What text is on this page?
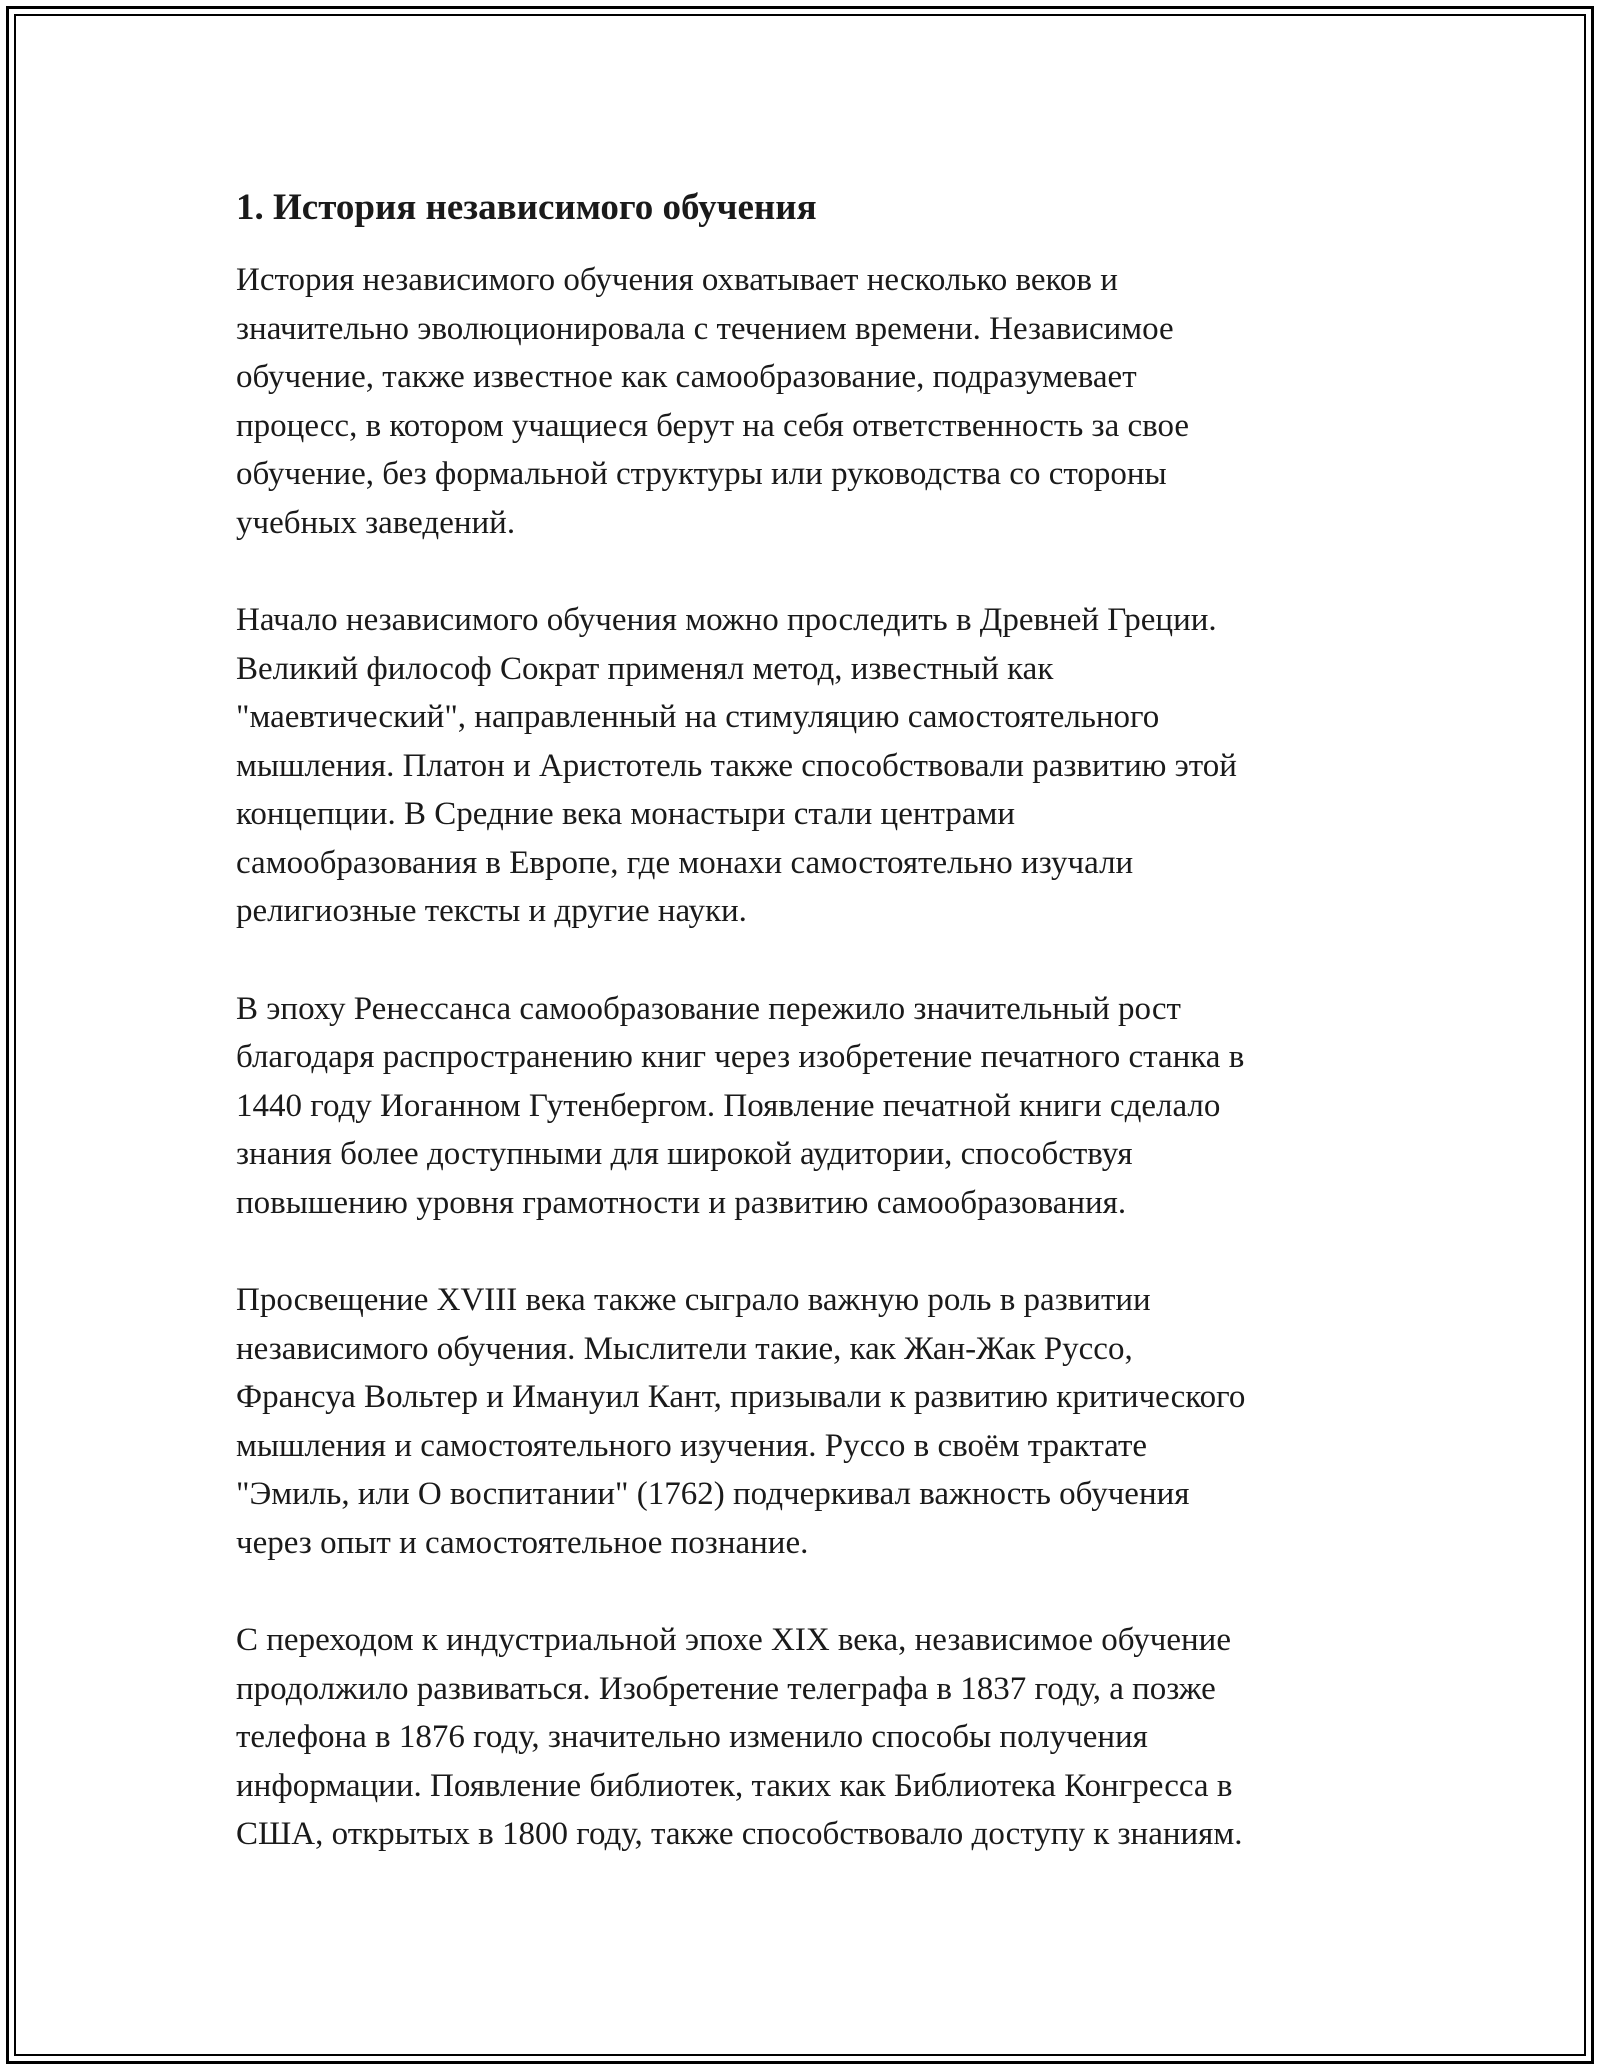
1. История независимого обучения

История независимого обучения охватывает несколько веков и
значительно эволюционировала с течением времени. Независимое
обучение, также известное как самообразование, подразумевает
процесс, в котором учащиеся берут на себя ответственность за свое
обучение, без формальной структуры или руководства со стороны
учебных заведений.

Начало независимого обучения можно проследить в Древней Греции.
Великий философ Сократ применял метод, известный как
"маевтический", направленный на стимуляцию самостоятельного
мышления. Платон и Аристотель также способствовали развитию этой
концепции. В Средние века монастыри стали центрами
самообразования в Европе, где монахи самостоятельно изучали
религиозные тексты и другие науки.

В эпоху Ренессанса самообразование пережило значительный рост
благодаря распространению книг через изобретение печатного станка в
1440 году Иоганном Гутенбергом. Появление печатной книги сделало
знания более доступными для широкой аудитории, способствуя
повышению уровня грамотности и развитию самообразования.

Просвещение XVIII века также сыграло важную роль в развитии
независимого обучения. Мыслители такие, как Жан-Жак Руссо,
Франсуа Вольтер и Имануил Кант, призывали к развитию критического
мышления и самостоятельного изучения. Руссо в своём трактате
"Эмиль, или О воспитании" (1762) подчеркивал важность обучения
через опыт и самостоятельное познание.

С переходом к индустриальной эпохе XIX века, независимое обучение
продолжило развиваться. Изобретение телеграфа в 1837 году, а позже
телефона в 1876 году, значительно изменило способы получения
информации. Появление библиотек, таких как Библиотека Конгресса в
США, открытых в 1800 году, также способствовало доступу к знаниям.
